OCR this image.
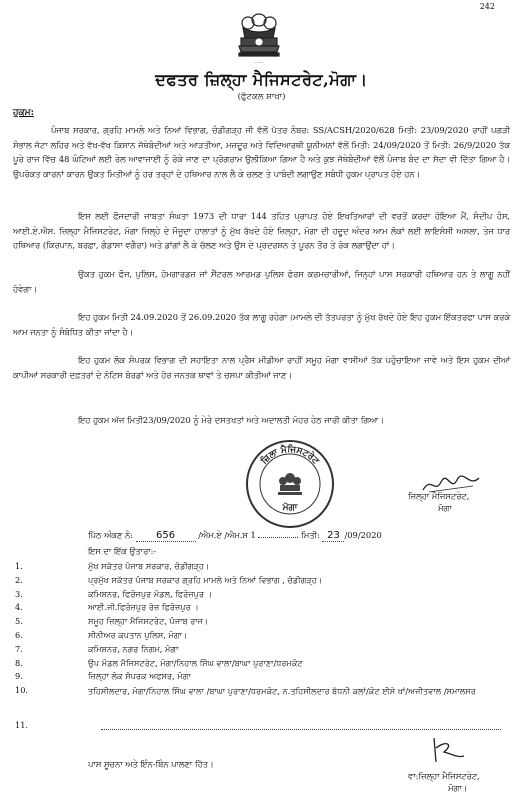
242
·····
ਦਫਤਰ ਜ਼ਿਲ੍ਹਾ ਮੈਜਿਸਟਰੇਟ,ਮੋਗਾ।
(ਫੁੱਟਕਲ ਸ਼ਾਖਾ)
ਹੁਕਮ:
ਪੰਜਾਬ ਸਰਕਾਰ, ਗ੍ਰਹਿ ਮਾਮਲੇ ਅਤੇ ਨਿਆਂ ਵਿਭਾਗ, ਚੰਡੀਗੜ੍ਹ ਜੀ ਵੱਲੋਂ ਪੱਤਰ ਨੰਬਰ: SS/ACSH/2020/628 ਮਿਤੀ: 23/09/2020 ਰਾਹੀਂ ਪਗੜੀ ਸੰਭਾਲ ਜੱਟਾ ਲਹਿਰ ਅਤੇ ਵੱਖ-ਵੱਖ ਕਿਸਾਨ ਜੱਥੇਬੰਦੀਆਂ ਅਤੇ ਆੜਤੀਆ, ਮਜ਼ਦੂਰ ਅਤੇ ਵਿਦਿਆਰਥੀ ਯੂਨੀਅਨਾਂ ਵੱਲੋਂ ਮਿਤੀ: 24/09/2020 ਤੋਂ ਮਿਤੀ: 26/9/2020 ਤੱਕ ਪੂਰੇ ਰਾਜ ਵਿੱਚ 48 ਘੰਟਿਆਂ ਲਈ ਰੇਲ ਆਵਾਜਾਈ ਨੂੰ ਰੋਕੇ ਜਾਣ ਦਾ ਪ੍ਰੋਗਰਾਮ ਉਲੀਕਿਆ ਗਿਆ ਹੈ ਅਤੇ ਕੁਝ ਜੱਥੇਬੰਦੀਆਂ ਵੱਲੋਂ ਪੰਜਾਬ ਬੰਦ ਦਾ ਸੱਦਾ ਵੀ ਦਿੱਤਾ ਗਿਆ ਹੈ। ਉਪਰੋਕਤ ਕਾਰਨਾਂ ਕਾਰਨ ਉਕਤ ਮਿਤੀਆਂ ਨੂੰ ਹਰ ਤਰ੍ਹਾਂ ਦੇ ਹਥਿਆਰ ਨਾਲ ਲੈ ਕੇ ਚਲਣ ਤੇ ਪਾਬੰਦੀ ਲਗਾਉਣ ਸਬੰਧੀ ਹੁਕਮ ਪ੍ਰਾਪਤ ਹੋਏ ਹਨ।
ਇਸ ਲਈ ਫੌਜਦਾਰੀ ਜਾਬਤਾ ਸੰਘਤਾ 1973 ਦੀ ਧਾਰਾ 144 ਤਹਿਤ ਪ੍ਰਾਪਤ ਹੋਏ ਇਖਤਿਆਰਾਂ ਦੀ ਵਰਤੋਂ ਕਰਦਾ ਹੋਇਆ ਮੈਂ, ਸੰਦੀਪ ਹੰਸ, ਆਈ.ਏ.ਐਸ. ਜ਼ਿਲ੍ਹਾ ਮੈਜਿਸਟਰੇਟ, ਮੋਗਾ ਜ਼ਿਲ੍ਹੇ ਦੇ ਮੌਜੂਦਾ ਹਾਲਾਤਾਂ ਨੂੰ ਮੁੱਖ ਰੱਖਦੇ ਹੋਏ ਜ਼ਿਲ੍ਹਾ, ਮੋਗਾ ਦੀ ਹਦੂਦ ਅੰਦਰ ਆਮ ਲੋਕਾਂ ਲਈ ਲਾਇਸੰਸੀ ਅਸਲਾ, ਤੇਜ਼ ਧਾਰ ਹਥਿਆਰ (ਕਿਰਪਾਨ, ਬਰਛਾ, ਗੰਡਾਸਾ ਵਗੈਰਾ) ਅਤੇ ਡਾਂਗਾਂ ਲੈ ਕੇ ਚੱਲਣ ਅਤੇ ਉਸ ਦੇ ਪ੍ਰਦਰਸ਼ਨ ਤੇ ਪੂਰਨ ਤੌਰ ਤੇ ਰੋਕ ਲਗਾਉਂਦਾ ਹਾਂ।
ਉਕਤ ਹੁਕਮ ਫੌਜ, ਪੁਲਿਸ, ਹੋਮਗਾਰਡਜ਼ ਜਾਂ ਸੈਂਟਰਲ ਆਰਮਡ ਪੁਲਿਸ ਫੋਰਸ ਕਰਮਚਾਰੀਆਂ, ਜਿਨ੍ਹਾਂ ਪਾਸ ਸਰਕਾਰੀ ਹਥਿਆਰ ਹਨ ਤੇ ਲਾਗੂ ਨਹੀਂ ਹੋਵੇਗਾ।
ਇਹ ਹੁਕਮ ਮਿਤੀ 24.09.2020 ਤੋਂ 26.09.2020 ਤੱਕ ਲਾਗੂ ਰਹੇਗਾ।ਮਾਮਲੇ ਦੀ ਤੱਤਪਰਤਾ ਨੂੰ ਮੁੱਖ ਰੱਖਦੇ ਹੋਏ ਇਹ ਹੁਕਮ ਇੱਕਤਰਫਾ ਪਾਸ ਕਰਕੇ ਆਮ ਜਨਤਾ ਨੂੰ ਸੰਬੋਧਿਤ ਕੀਤਾ ਜਾਂਦਾ ਹੈ।
ਇਹ ਹੁਕਮ ਲੋਕ ਸੰਪਰਕ ਵਿਭਾਗ ਦੀ ਸਹਾਇਤਾ ਨਾਲ ਪ੍ਰੈਸ ਮੀਡੀਆ ਰਾਹੀਂ ਸਮੂਹ ਮੋਗਾ ਵਾਸੀਆਂ ਤੱਕ ਪਹੁੰਚਾਇਆ ਜਾਵੇ ਅਤੇ ਇਸ ਹੁਕਮ ਦੀਆਂ ਕਾਪੀਆਂ ਸਰਕਾਰੀ ਦਫ਼ਤਰਾਂ ਦੇ ਨੋਟਿਸ ਬੋਰਡਾਂ ਅਤੇ ਹੋਰ ਜਨਤਕ ਥਾਵਾਂ ਤੇ ਚਸਪਾ ਕੀਤੀਆਂ ਜਾਣ।
ਇਹ ਹੁਕਮ ਅੱਜ ਮਿਤੀ23/09/2020 ਨੂੰ ਮੇਰੇ ਦਸਤਖਤਾਂ ਅਤੇ ਅਦਾਲਤੀ ਮੋਹਰ ਹੇਠ ਜਾਰੀ ਕੀਤਾ ਗਿਆ।
ਜ਼ਿਲਾ ਮੈਜਿਸਟਰੇਟ
ਮੋਗਾ
ਜ਼ਿਲ੍ਹਾ ਮੈਜਿਸਟਰੇਟ,
ਮੋਗਾ
ਪਿੱਠ ਅੰਕਣ ਨੰ: 656	/ਐਮ.ਏ /ਐਮ.ਸ 1	ਮਿਤੀ: 23 /09/2020
ਇਸ ਦਾ ਇੱਕ ਉਤਾਰਾ:-
1.	ਮੁੱਖ ਸਕੱਤਰ ਪੰਜਾਬ ਸਰਕਾਰ, ਚੰਡੀਗੜ੍ਹ।
2.	ਪ੍ਰਮੁੱਖ ਸਕੱਤਰ ਪੰਜਾਬ ਸਰਕਾਰ ਗ੍ਰਹਿ ਮਾਮਲੇ ਅਤੇ ਨਿਆਂ ਵਿਭਾਗ , ਚੰਡੀਗੜ੍ਹ।
3.	ਕਮਿਸ਼ਨਰ, ਫਿਰੋਜ਼ਪੁਰ ਮੰਡਲ, ਫਿਰੋਜ਼ਪੁਰ ।
4.	ਆਈ.ਜੀ.ਫਿਰੋਜ਼ਪੁਰ ਰੇਜ਼ ਫਿਰੋਜ਼ਪੁਰ ।
5.	ਸਮੂਹ ਜ਼ਿਲ੍ਹਾ ਮੈਜਿਸਟਰੇਟ, ਪੰਜਾਬ ਰਾਜ।
6.	ਸੀਨੀਅਰ ਕਪਤਾਨ ਪੁਲਿਸ, ਮੋਗਾ।
7.	ਕਮਿਸ਼ਨਰ, ਨਗਰ ਨਿਗਮ, ਮੋਗਾ
8.	ਉਪ ਮੰਡਲ ਮੈਜਿਸਟਰੇਟ, ਮੋਗਾ/ਨਿਹਾਲ ਸਿੰਘ ਵਾਲਾ/ਬਾਘਾ ਪੁਰਾਣਾ/ਧਰਮਕੋਟ
9.	ਜ਼ਿਲ੍ਹਾ ਲੋਕ ਸੰਪਰਕ ਅਫਸਰ, ਮੋਗਾ
10.	ਤਹਿਸੀਲਦਾਰ, ਮੋਗਾ/ਨਿਹਾਲ ਸਿੰਘ ਵਾਲਾ /ਬਾਘਾ ਪੁਰਾਣਾ/ਧਰਮਕੋਟ, ਨ.ਤਹਿਸੀਲਦਾਰ ਬੱਧਨੀ ਕਲਾਂ/ਕੋਟ ਈਸੇ ਖਾਂ/ਅਜੀਤਵਾਲ /ਸਮਾਲਸਰ
11.
ਪਾਸ ਸੂਚਨਾ ਅਤੇ ਇੰਨ-ਬਿੰਨ ਪਾਲਣਾ ਹਿੱਤ।
ਵਾ:ਜ਼ਿਲ੍ਹਾ ਮੈਜਿਸਟਰੇਟ,
ਮੋਗਾ।
